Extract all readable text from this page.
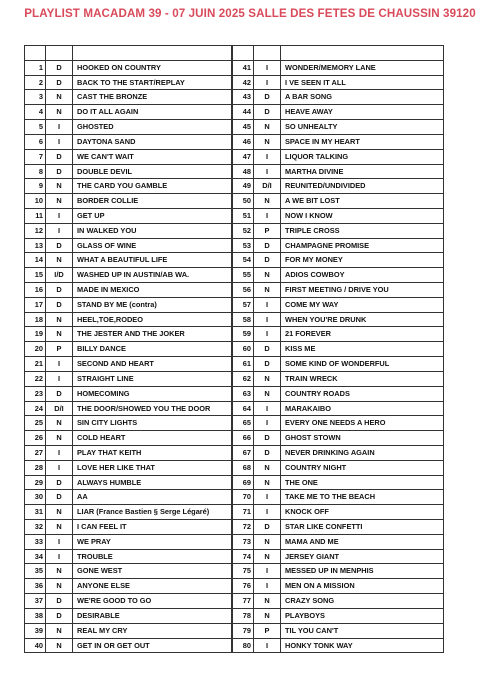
PLAYLIST MACADAM 39 - 07 JUIN 2025 SALLE DES FETES DE CHAUSSIN 39120

1	D	HOOKED ON COUNTRY
2	D	BACK TO THE START/REPLAY
3	N	CAST THE BRONZE
4	N	DO IT ALL AGAIN
5	I	GHOSTED
6	I	DAYTONA SAND
7	D	WE CAN'T WAIT
8	D	DOUBLE DEVIL
9	N	THE CARD YOU GAMBLE
10	N	BORDER COLLIE
11	I	GET UP
12	I	IN WALKED YOU
13	D	GLASS OF WINE
14	N	WHAT A BEAUTIFUL LIFE
15	I/D	WASHED UP IN AUSTIN/AB WA.
16	D	MADE IN MEXICO
17	D	STAND BY ME (contra)
18	N	HEEL,TOE,RODEO
19	N	THE JESTER AND THE JOKER
20	P	BILLY DANCE
21	I	SECOND AND HEART
22	I	STRAIGHT LINE
23	D	HOMECOMING
24	D/I	THE DOOR/SHOWED YOU THE DOOR
25	N	SIN CITY LIGHTS
26	N	COLD HEART
27	I	PLAY THAT KEITH
28	I	LOVE HER LIKE THAT
29	D	ALWAYS HUMBLE
30	D	AA
31	N	LIAR (France Bastien § Serge Légaré)
32	N	I CAN FEEL IT
33	I	WE PRAY
34	I	TROUBLE
35	N	GONE WEST
36	N	ANYONE ELSE
37	D	WE'RE GOOD TO GO
38	D	DESIRABLE
39	N	REAL MY CRY
40	N	GET IN OR GET OUT

41	I	WONDER/MEMORY LANE
42	I	I VE SEEN IT ALL
43	D	A BAR SONG
44	D	HEAVE AWAY
45	N	SO UNHEALTY
46	N	SPACE IN MY HEART
47	I	LIQUOR TALKING
48	I	MARTHA DIVINE
49	D/I	REUNITED/UNDIVIDED
50	N	A WE BIT LOST
51	I	NOW I KNOW
52	P	TRIPLE CROSS
53	D	CHAMPAGNE PROMISE
54	D	FOR MY MONEY
55	N	ADIOS COWBOY
56	N	FIRST MEETING / DRIVE YOU
57	I	COME MY WAY
58	I	WHEN YOU'RE DRUNK
59	I	21 FOREVER
60	D	KISS ME
61	D	SOME KIND OF WONDERFUL
62	N	TRAIN WRECK
63	N	COUNTRY ROADS
64	I	MARAKAIBO
65	I	EVERY ONE NEEDS A HERO
66	D	GHOST STOWN
67	D	NEVER DRINKING AGAIN
68	N	COUNTRY NIGHT
69	N	THE ONE
70	I	TAKE ME TO THE BEACH
71	I	KNOCK OFF
72	D	STAR LIKE CONFETTI
73	N	MAMA AND ME
74	N	JERSEY GIANT
75	I	MESSED UP IN MENPHIS
76	I	MEN ON A MISSION
77	N	CRAZY SONG
78	N	PLAYBOYS
79	P	TIL YOU CAN'T
80	I	HONKY TONK WAY
